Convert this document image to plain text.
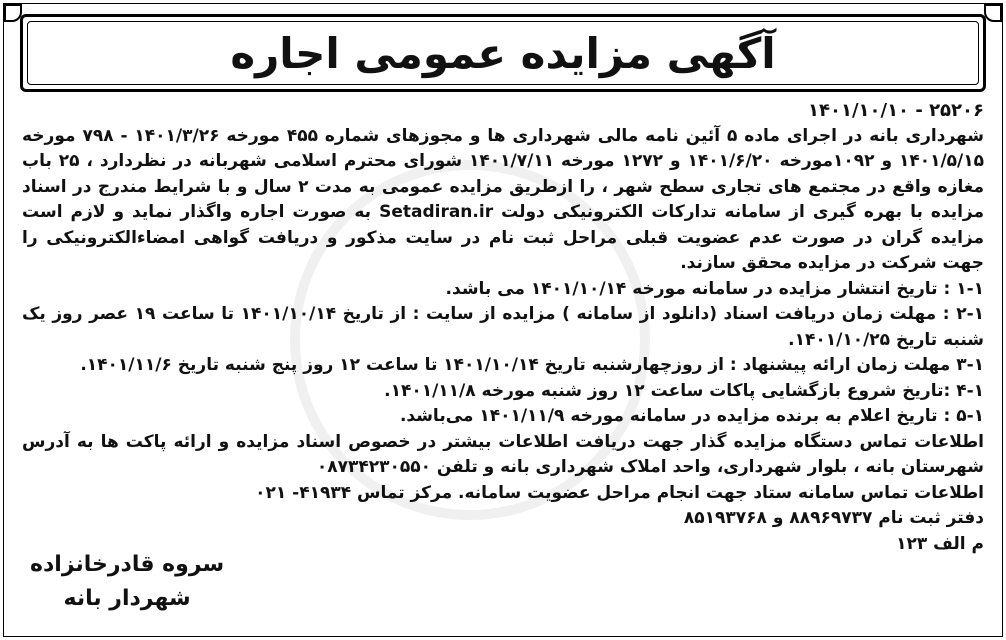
آگهی مزایده عمومی اجاره

۲۵۲۰۶ - ۱۴۰۱/۱۰/۱۰

شهرداری بانه در اجرای ماده ۵ آئین نامه مالی شهرداری ها و مجوزهای شماره ۴۵۵ مورخه ۱۴۰۱/۳/۲۶ - ۷۹۸ مورخه ۱۴۰۱/۵/۱۵ و ۱۰۹۲مورخه ۱۴۰۱/۶/۲۰ و ۱۲۷۲ مورخه ۱۴۰۱/۷/۱۱ شورای محترم اسلامی شهربانه در نظردارد ، ۲۵ باب مغازه واقع در مجتمع های تجاری سطح شهر ، را ازطریق مزایده عمومی به مدت ۲ سال و با شرایط مندرج در اسناد مزایده با بهره گیری از سامانه تدارکات الکترونیکی دولت Setadiran.ir به صورت اجاره واگذار نماید و لازم است مزایده گران در صورت عدم عضویت قبلی مراحل ثبت نام در سایت مذکور و دریافت گواهی امضاءالکترونیکی را جهت شرکت در مزایده محقق سازند.

۱-۱ : تاریخ انتشار مزایده در سامانه مورخه ۱۴۰۱/۱۰/۱۴ می باشد.

۲-۱ : مهلت زمان دریافت اسناد (دانلود از سامانه ) مزایده از سایت : از تاریخ ۱۴۰۱/۱۰/۱۴ تا ساعت ۱۹ عصر روز یک شنبه تاریخ ۱۴۰۱/۱۰/۲۵.

۳-۱ مهلت زمان ارائه پیشنهاد : از روزچهارشنبه تاریخ ۱۴۰۱/۱۰/۱۴ تا ساعت ۱۲ روز پنج شنبه تاریخ ۱۴۰۱/۱۱/۶.

۴-۱ :تاریخ شروع بازگشایی پاکات ساعت ۱۲ روز شنبه مورخه ۱۴۰۱/۱۱/۸.

۵-۱ : تاریخ اعلام به برنده مزایده در سامانه مورخه ۱۴۰۱/۱۱/۹ می‌باشد.

اطلاعات تماس دستگاه مزایده گذار جهت دریافت اطلاعات بیشتر در خصوص اسناد مزایده و ارائه پاکت ها به آدرس شهرستان بانه ، بلوار شهرداری، واحد املاک شهرداری بانه و تلفن ۰۸۷۳۴۲۳۰۵۵۰

اطلاعات تماس سامانه ستاد جهت انجام مراحل عضویت سامانه. مرکز تماس ۴۱۹۳۴- ۰۲۱

دفتر ثبت نام ۸۸۹۶۹۷۳۷ و ۸۵۱۹۳۷۶۸

م الف ۱۲۳

سروه قادرخانزاده
شهردار بانه
